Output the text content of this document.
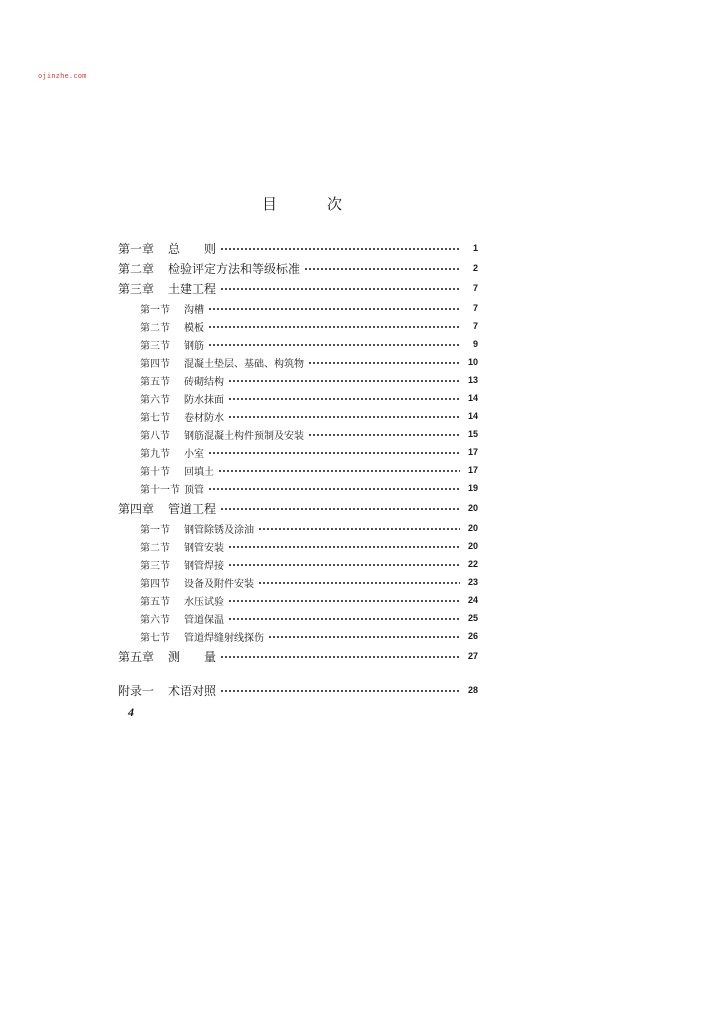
ojinzhe.com
目	次
第一章 总　　则	1
第二章 检验评定方法和等级标准	2
第三章 土建工程	7
第一节 沟槽	7
第二节 模板	7
第三节 钢筋	9
第四节 混凝土垫层、基础、构筑物	10
第五节 砖砌结构	13
第六节 防水抹面	14
第七节 卷材防水	14
第八节 钢筋混凝土构件预制及安装	15
第九节 小室	17
第十节 回填土	17
第十一节 顶管	19
第四章 管道工程	20
第一节 钢管除锈及涂油	20
第二节 钢管安装	20
第三节 钢管焊接	22
第四节 设备及附件安装	23
第五节 水压试验	24
第六节 管道保温	25
第七节 管道焊缝射线探伤	26
第五章 测　　量	27
附录一 术语对照	28
4
